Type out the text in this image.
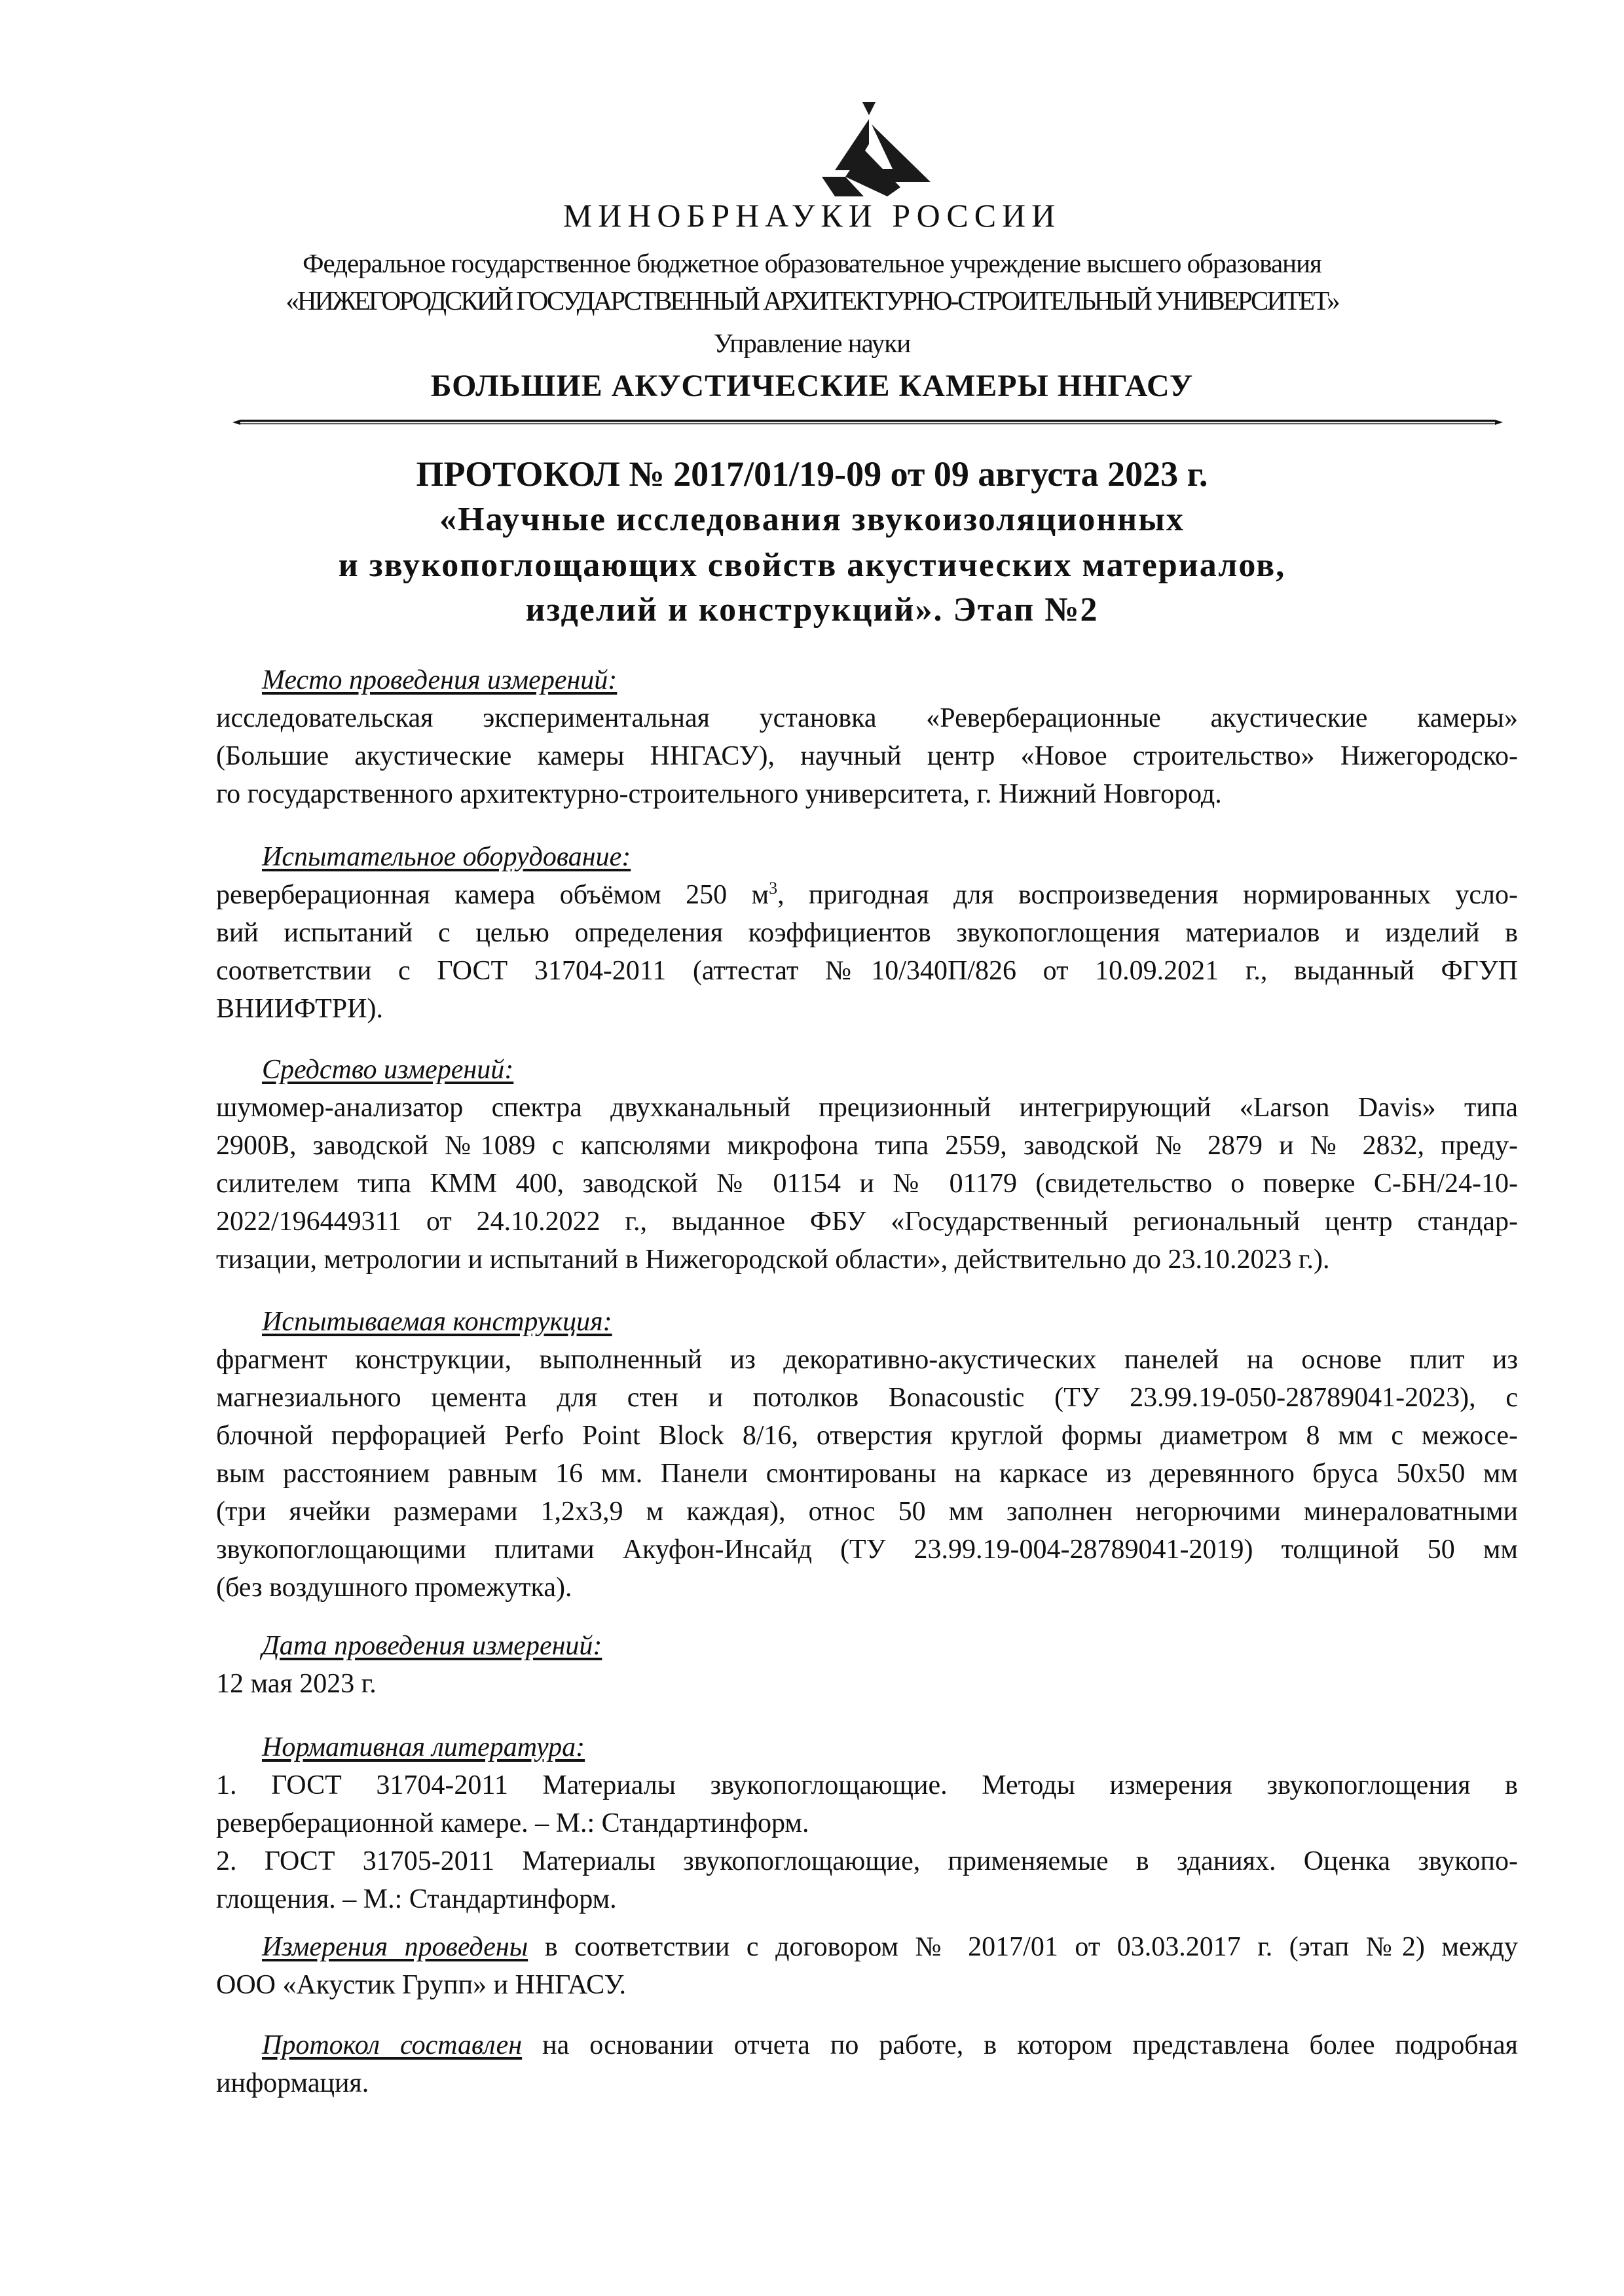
МИНОБРНАУКИ РОССИИ
Федеральное государственное бюджетное образовательное учреждение высшего образования
«НИЖЕГОРОДСКИЙ ГОСУДАРСТВЕННЫЙ АРХИТЕКТУРНО-СТРОИТЕЛЬНЫЙ УНИВЕРСИТЕТ»
Управление науки
БОЛЬШИЕ АКУСТИЧЕСКИЕ КАМЕРЫ ННГАСУ
ПРОТОКОЛ № 2017/01/19-09 от 09 августа 2023 г.
«Научные исследования звукоизоляционных
и звукопоглощающих свойств акустических материалов,
изделий и конструкций». Этап №2
Место проведения измерений:
исследовательская экспериментальная установка «Реверберационные акустические камеры»
(Большие акустические камеры ННГАСУ), научный центр «Новое строительство» Нижегородско-
го государственного архитектурно-строительного университета, г. Нижний Новгород.
Испытательное оборудование:
реверберационная камера объёмом 250 $м^3$, пригодная для воспроизведения нормированных усло-
вий испытаний с целью определения коэффициентов звукопоглощения материалов и изделий в
соответствии с ГОСТ 31704-2011 (аттестат №10/340П/826 от 10.09.2021 г., выданный ФГУП
ВНИИФТРИ).
Средство измерений:
шумомер-анализатор спектра двухканальный прецизионный интегрирующий «Larson Davis» типа
2900B, заводской №1089 с капсюлями микрофона типа 2559, заводской № 2879 и № 2832, преду-
силителем типа КММ 400, заводской № 01154 и № 01179 (свидетельство о поверке С-БН/24-10-
2022/196449311 от 24.10.2022 г., выданное ФБУ «Государственный региональный центр стандар-
тизации, метрологии и испытаний в Нижегородской области», действительно до 23.10.2023 г.).
Испытываемая конструкция:
фрагмент конструкции, выполненный из декоративно-акустических панелей на основе плит из
магнезиального цемента для стен и потолков Bonacoustic (ТУ 23.99.19-050-28789041-2023), с
блочной перфорацией Perfo Point Block 8/16, отверстия круглой формы диаметром 8 мм с межосе-
вым расстоянием равным 16 мм. Панели смонтированы на каркасе из деревянного бруса 50х50 мм
(три ячейки размерами 1,2х3,9 м каждая), относ 50 мм заполнен негорючими минераловатными
звукопоглощающими плитами Акуфон-Инсайд (ТУ 23.99.19-004-28789041-2019) толщиной 50 мм
(без воздушного промежутка).
Дата проведения измерений:
12 мая 2023 г.
Нормативная литература:
1. ГОСТ 31704-2011 Материалы звукопоглощающие. Методы измерения звукопоглощения в
реверберационной камере. – М.: Стандартинформ.
2. ГОСТ 31705-2011 Материалы звукопоглощающие, применяемые в зданиях. Оценка звукопо-
глощения. – М.: Стандартинформ.
Измерения проведены в соответствии с договором № 2017/01 от 03.03.2017 г. (этап №2) между
ООО «Акустик Групп» и ННГАСУ.
Протокол составлен на основании отчета по работе, в котором представлена более подробная
информация.
